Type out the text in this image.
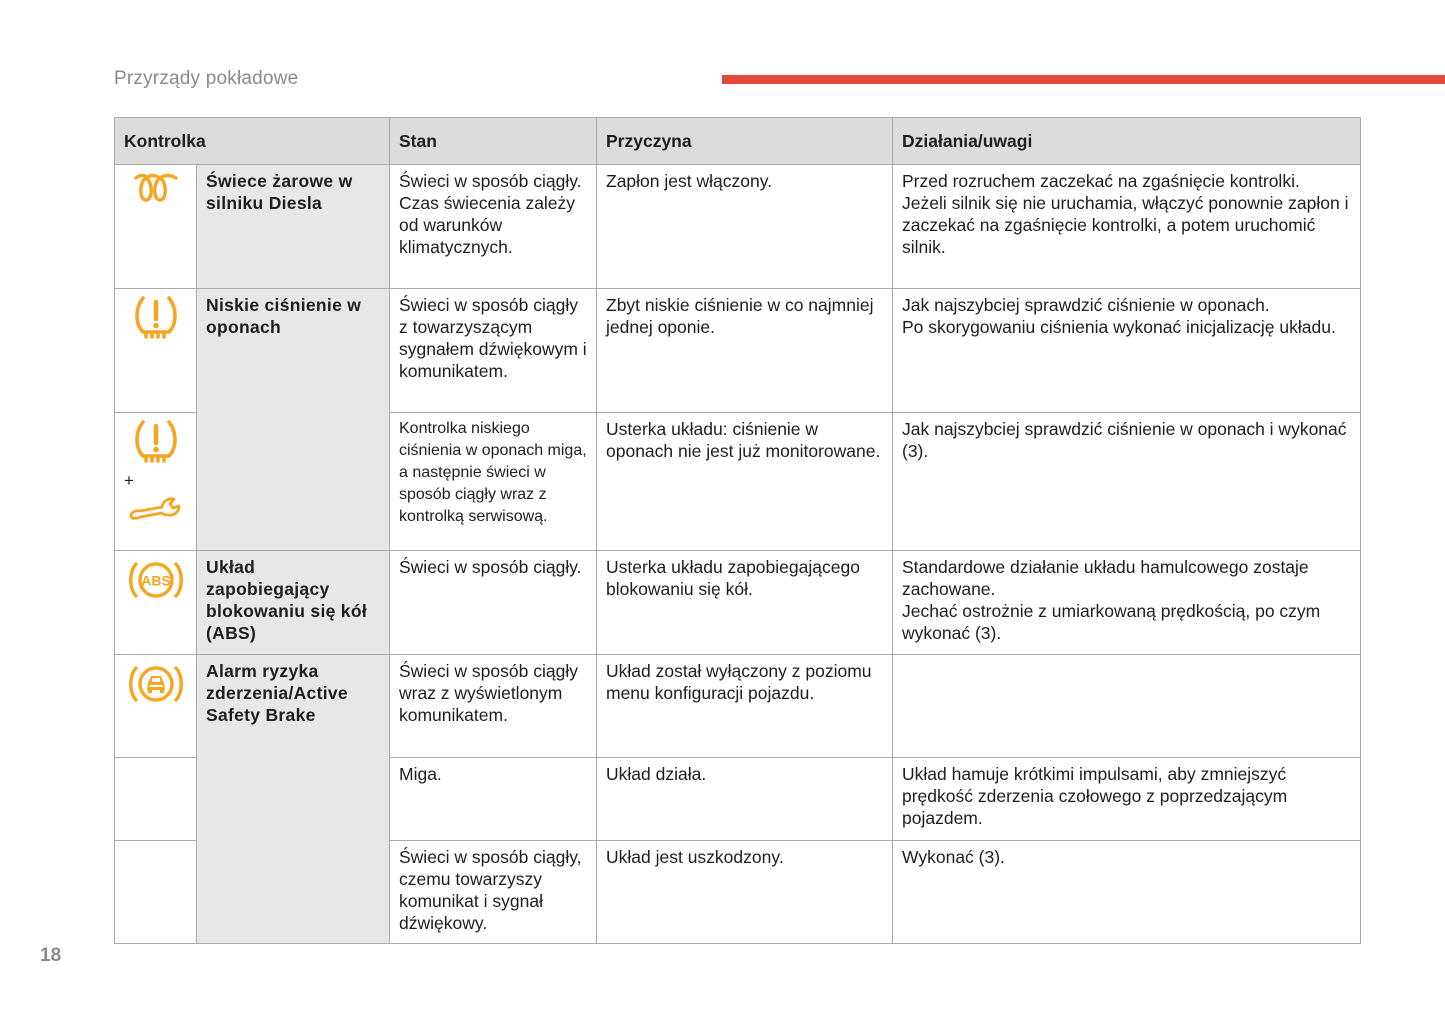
Przyrządy pokładowe
Kontrolka		Stan	Przyczyna	Działania/uwagi

	Świece żarowe w silniku Diesla	Świeci w sposób ciągły.
Czas świecenia zależy od warunków klimatycznych.	Zapłon jest włączony.	Przed rozruchem zaczekać na zgaśnięcie kontrolki.
Jeżeli silnik się nie uruchamia, włączyć ponownie zapłon i zaczekać na zgaśnięcie kontrolki, a potem uruchomić silnik.

	Niskie ciśnienie w oponach	Świeci w sposób ciągły z towarzyszącym sygnałem dźwiękowym i komunikatem.	Zbyt niskie ciśnienie w co najmniej jednej oponie.	Jak najszybciej sprawdzić ciśnienie w oponach.
Po skorygowaniu ciśnienia wykonać inicjalizację układu.

+		Kontrolka niskiego ciśnienia w oponach miga, a następnie świeci w sposób ciągły wraz z kontrolką serwisową.	Usterka układu: ciśnienie w oponach nie jest już monitorowane.	Jak najszybciej sprawdzić ciśnienie w oponach i wykonać (3).

ABS	Układ zapobiegający blokowaniu się kół (ABS)	Świeci w sposób ciągły.	Usterka układu zapobiegającego blokowaniu się kół.	Standardowe działanie układu hamulcowego zostaje zachowane.
Jechać ostrożnie z umiarkowaną prędkością, po czym wykonać (3).

	Alarm ryzyka zderzenia/Active Safety Brake	Świeci w sposób ciągły wraz z wyświetlonym komunikatem.	Układ został wyłączony z poziomu menu konfiguracji pojazdu.	
		Miga.	Układ działa.	Układ hamuje krótkimi impulsami, aby zmniejszyć prędkość zderzenia czołowego z poprzedzającym pojazdem.
		Świeci w sposób ciągły, czemu towarzyszy komunikat i sygnał dźwiękowy.	Układ jest uszkodzony.	Wykonać (3).
18
